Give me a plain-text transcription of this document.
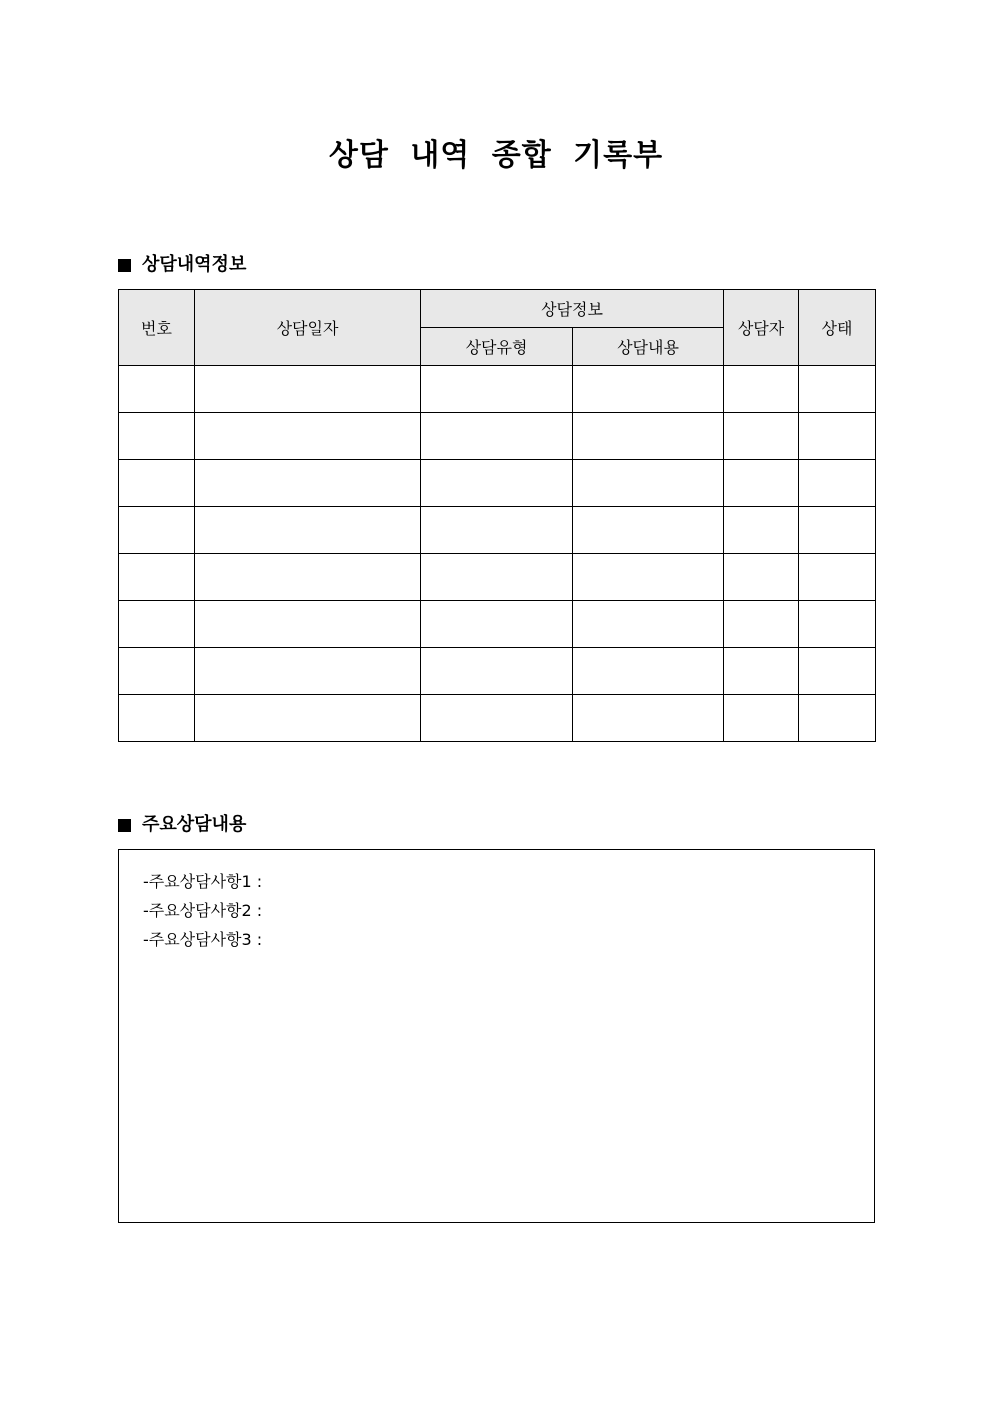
상담 내역 종합 기록부
상담내역정보
번호	상담일자	상담정보		상담자	상태
		상담유형	상담내용		

주요상담내용
-주요상담사항1 :
-주요상담사항2 :
-주요상담사항3 :
